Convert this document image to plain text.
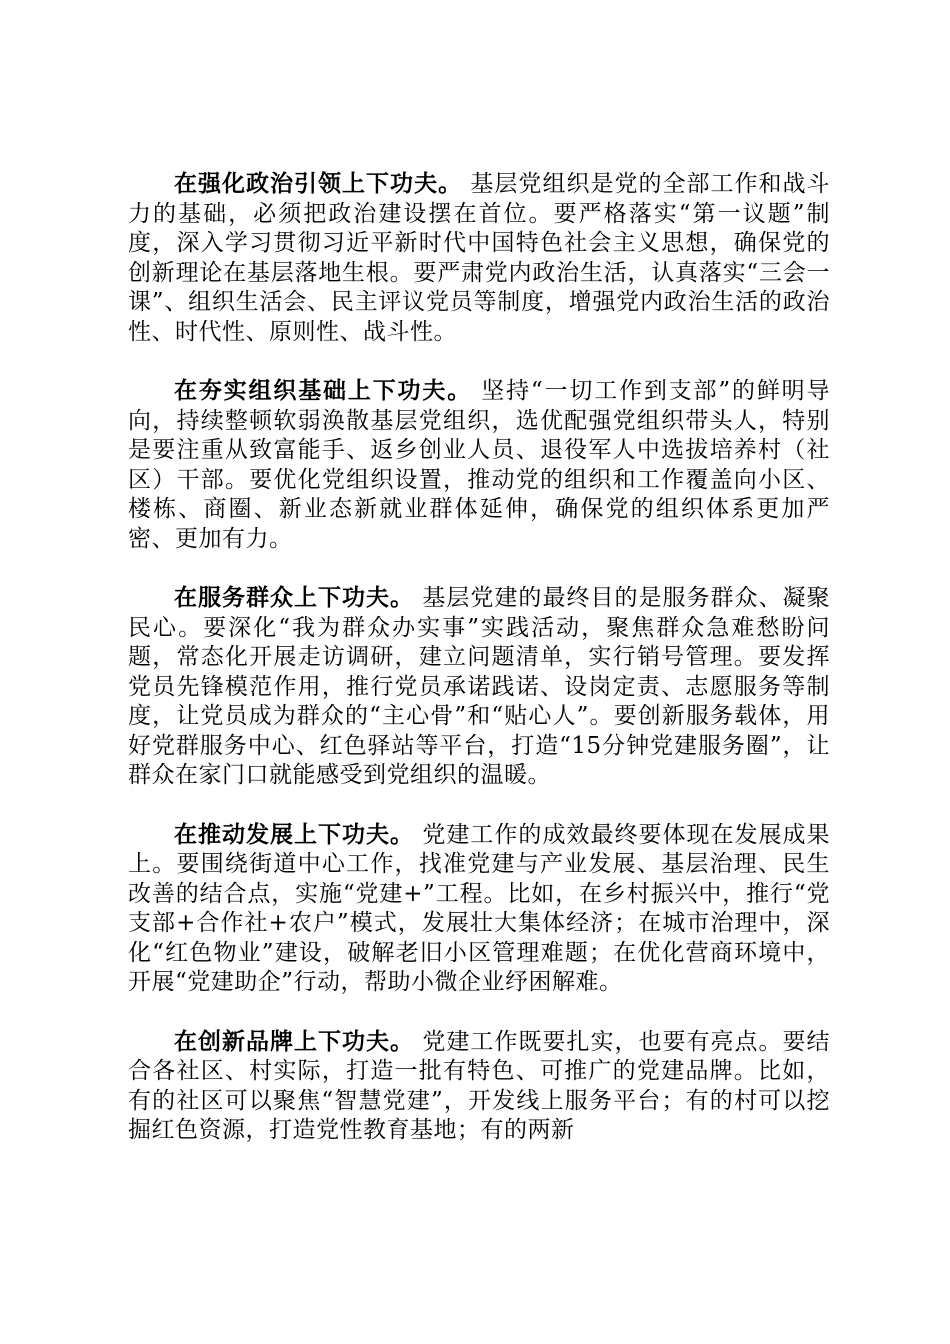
在强化政治引领上下功夫。 基层党组织是党的全部工作和战斗力的基础，必须把政治建设摆在首位。要严格落实“第一议题”制度，深入学习贯彻习近平新时代中国特色社会主义思想，确保党的创新理论在基层落地生根。要严肃党内政治生活，认真落实“三会一课”、组织生活会、民主评议党员等制度，增强党内政治生活的政治性、时代性、原则性、战斗性。

在夯实组织基础上下功夫。 坚持“一切工作到支部”的鲜明导向，持续整顿软弱涣散基层党组织，选优配强党组织带头人，特别是要注重从致富能手、返乡创业人员、退役军人中选拔培养村（社区）干部。要优化党组织设置，推动党的组织和工作覆盖向小区、楼栋、商圈、新业态新就业群体延伸，确保党的组织体系更加严密、更加有力。

在服务群众上下功夫。 基层党建的最终目的是服务群众、凝聚民心。要深化“我为群众办实事”实践活动，聚焦群众急难愁盼问题，常态化开展走访调研，建立问题清单，实行销号管理。要发挥党员先锋模范作用，推行党员承诺践诺、设岗定责、志愿服务等制度，让党员成为群众的“主心骨”和“贴心人”。要创新服务载体，用好党群服务中心、红色驿站等平台，打造“15分钟党建服务圈”，让群众在家门口就能感受到党组织的温暖。

在推动发展上下功夫。 党建工作的成效最终要体现在发展成果上。要围绕街道中心工作，找准党建与产业发展、基层治理、民生改善的结合点，实施“党建+”工程。比如，在乡村振兴中，推行“党支部+合作社+农户”模式，发展壮大集体经济；在城市治理中，深化“红色物业”建设，破解老旧小区管理难题；在优化营商环境中，开展“党建助企”行动，帮助小微企业纾困解难。

在创新品牌上下功夫。 党建工作既要扎实，也要有亮点。要结合各社区、村实际，打造一批有特色、可推广的党建品牌。比如，有的社区可以聚焦“智慧党建”，开发线上服务平台；有的村可以挖掘红色资源，打造党性教育基地；有的两新
